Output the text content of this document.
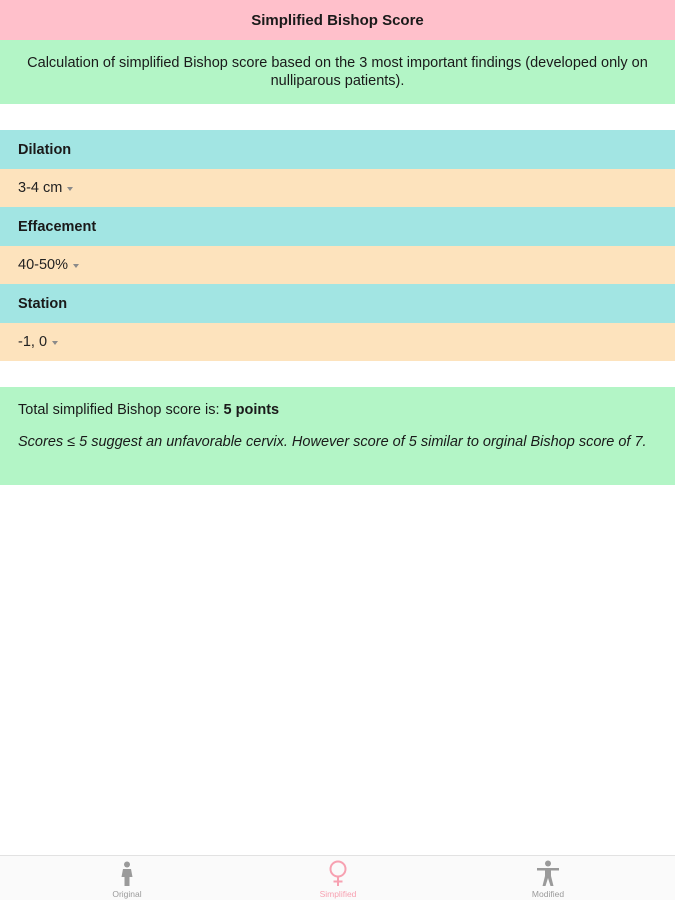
Simplified Bishop Score
Calculation of simplified Bishop score based on the 3 most important findings (developed only on nulliparous patients).
Dilation
3-4 cm
Effacement
40-50%
Station
-1, 0
Total simplified Bishop score is: 5 points
Scores ≤ 5 suggest an unfavorable cervix. However score of 5 similar to orginal Bishop score of 7.
Original	Simplified	Modified
